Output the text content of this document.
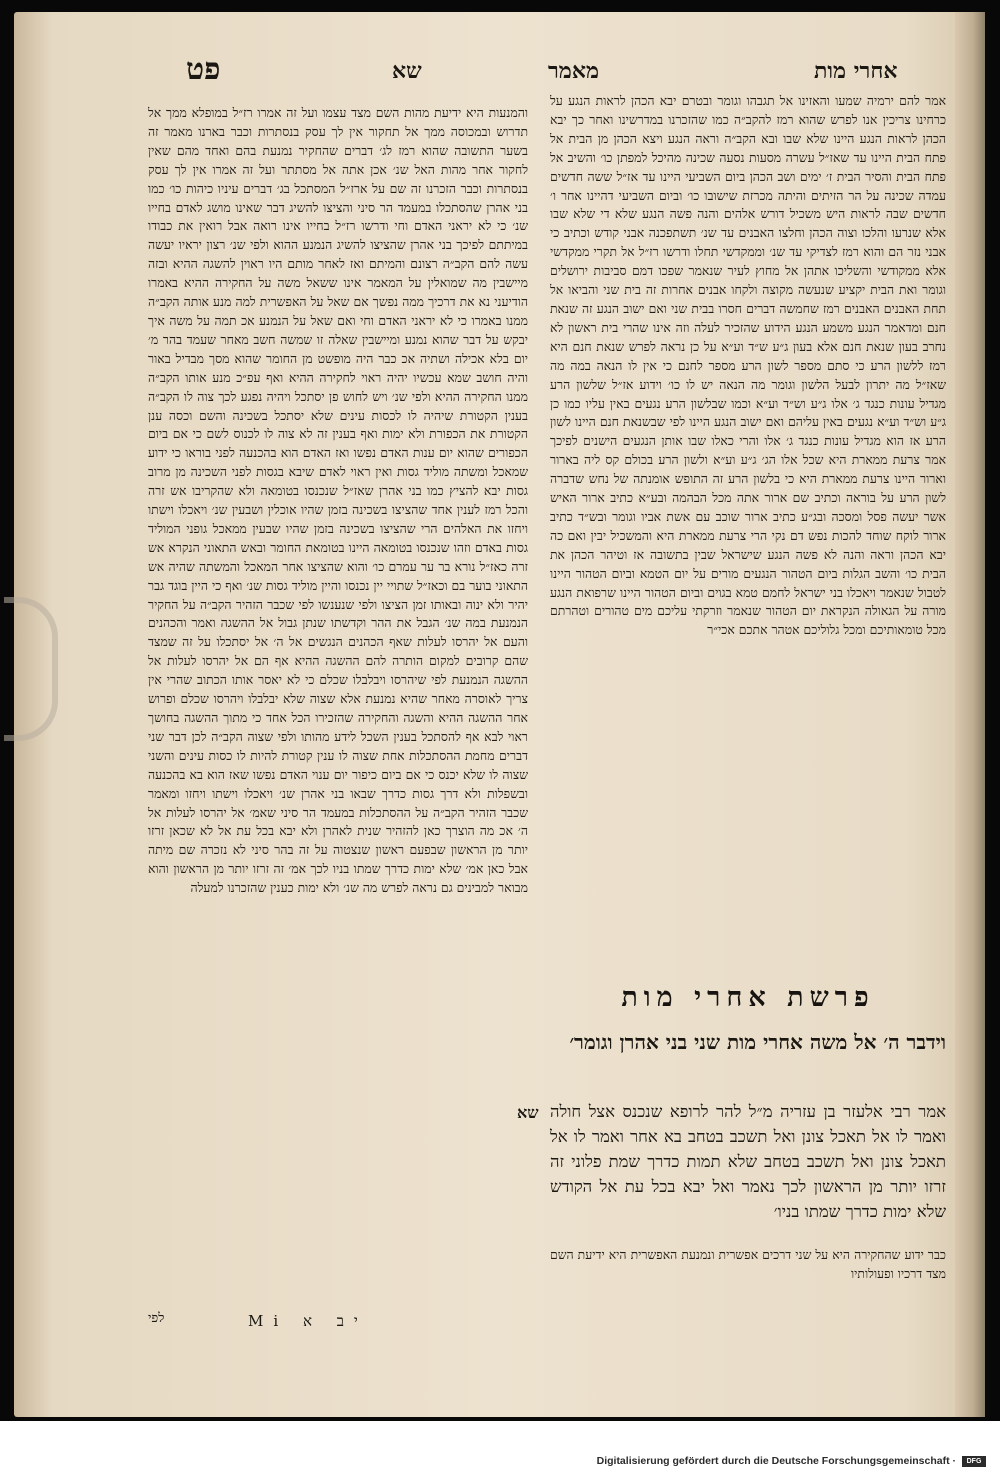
פט	שא	מאמר	אחרי מות

והמנעות היא ידיעת מהות השם מצד עצמו ועל זה אמרו רז״ל במופלא ממך אל תדרוש ובמכוסה ממך אל תחקור אין לך עסק בנסתרות וכבר בארנו מאמר זה בשער התשובה שהוא רמז לג׳ דברים שהחקיר נמנעת בהם ואחד מהם שאין לחקור אחר מהות האל שנ׳ אכן אתה אל מסתתר ועל זה אמרו אין לך עסק בנסתרות וכבר הזכרנו זה שם על ארז״ל המסתכל בג׳ דברים עיניו כיהות כו׳ כמו בני אהרן שהסתכלו במעמד הר סיני והציצו להשיג דבר שאינו מושג לאדם בחייו שנ׳ כי לא יראני האדם וחי ודרשו רז״ל בחייו אינו רואה אבל רואין את כבודו במיתתם לפיכך בני אהרן שהציצו להשיג הנמנע ההוא ולפי שנ׳ רצון יראיו יעשה עשה להם הקב״ה רצונם והמיתם ואז לאחר מותם היו ראוין להשגה ההיא ובזה מיישבין מה שמואלין על המאמר אינו ששאל משה על החקירה ההיא באמרו הודיעני נא את דרכיך ממה נפשך אם שאל על האפשרית למה מנע אותה הקב״ה ממנו באמרו כי לא יראני האדם וחי ואם שאל על הנמנע אכ תמה על משה איך יבקש על דבר שהוא נמנע ומיישבין שאלה זו שמשה חשב מאחר שעמד בהר מ׳ יום בלא אכילה ושתיה אכ כבר היה מופשט מן החומר שהוא מסך מבדיל באור והיה חושב שמא עכשיו יהיה ראוי לחקירה ההיא ואף עפ״כ מנע אותו הקב״ה ממנו החקירה ההיא ולפי שנ׳ ויש לחוש פן יסתכל ויהיה נפגע לכך צוה לו הקב״ה בענין הקטורת שיהיה לו לכסות עינים שלא יסתכל בשכינה והשם וכסה ענן הקטורת את הכפורת ולא ימות ואף בענין זה לא צוה לו לכנוס לשם כי אם ביום הכפורים שהוא יום ענות האדם נפשו ואז האדם הוא בהכנעה לפני בוראו כי ידוע שמאכל ומשתה מוליד גסות ואין ראוי לאדם שיבא בגסות לפני השכינה מן מרוב גסות יבא להציץ כמו בני אהרן שאז״ל שנכנסו בטומאה ולא שהקריבו אש זרה והכל רמז לענין אחד שהציצו בשכינה בזמן שהיו אוכלין ושבעין שנ׳ ויאכלו וישתו ויחזו את האלהים הרי שהציצו בשכינה בזמן שהיו שבעין ממאכל גופני המוליד גסות באדם וזהו שנכנסו בטומאה היינו בטומאת החומר ובאש התאוני הנקרא אש זרה כאז״ל נורא בר ער עמרם כו׳ והוא שהציצו אחר המאכל והמשתה שהיה אש התאוני בוער בם וכאז״ל שתויי יין נכנסו והיין מוליד גסות שנ׳ ואף כי היין בוגד גבר יהיר ולא ינוה ובאותו זמן הציצו ולפי שנענשו לפי שכבר הזהיר הקב״ה על החקיר הנמנעת במה שנ׳ הגבל את ההר וקדשתו שנתן גבול אל ההשגה ואמר והכהנים והעם אל יהרסו לעלות שאף הכהנים הנגשים אל ה׳ אל יסתכלו על זה שמצד שהם קרובים למקום הותרה להם ההשגה ההיא אף הם אל יהרסו לעלות אל ההשגה הנמנעת לפי שיהרסו ויבלבלו שכלם כי לא יאסר אותו הכתוב שהרי אין צריך לאוסרה מאחר שהיא נמנעת אלא שצוה שלא יבלבלו ויהרסו שכלם ופרוש אחר ההשגה ההיא והשגה והחקירה שהזכירו הכל אחד כי מתוך ההשגה בחושך ראוי לבא אף להסתכל בענין השכל לידע מהותו ולפי שצוה הקב״ה לכן דבר שני דברים מחמת ההסתכלות אחת שצוה לו ענין קטורת להיות לו כסות עינים והשני שצוה לו שלא יכנס כי אם ביום כיפור יום ענוי האדם נפשו שאז הוא בא בהכנעה ובשפלות ולא דרך גסות כדרך שבאו בני אהרן שנ׳ ויאכלו וישתו ויחזו ומאמר שכבר הזהיר הקב״ה על ההסתכלות במעמד הר סיני שאמ׳ אל יהרסו לעלות אל ה׳ אכ מה הוצרך כאן להזהיר שנית לאהרן ולא יבא בכל עת אל לא שכאן זרזו יותר מן הראשון שבפעם ראשון שנצטוה על זה בהר סיני לא נזכרה שם מיתה אבל כאן אמ׳ שלא ימות כדרך שמתו בניו לכך אמ׳ זה זרזו יותר מן הראשון והוא מבואר למבינים גם נראה לפרש מה שנ׳ ולא ימות כענין שהזכרנו למעלה

אמר להם ירמיה שמעו והאזינו אל תגבהו וגומר ובטרם יבא הכהן לראות הנגע על כרחינו צריכין אנו לפרש שהוא רמז להקב״ה כמו שהזכרנו במדרשינו ואחר כך יבא הכהן לראות הנגע היינו שלא שבו ובא הקב״ה וראה הנגע ויצא הכהן מן הבית אל פתח הבית היינו עד שאז״ל עשרה מסעות נסעה שכינה מהיכל למפתן כו׳ והשיב אל פתח הבית והסיר הבית ז׳ ימים ושב הכהן ביום השביעי היינו עד אז״ל ששה חדשים עמדה שכינה על הר הזיתים והיתה מכרזת שישובו כו׳ וביום השביעי דהיינו אחר ו׳ חדשים שבה לראות היש משכיל דורש אלהים והנה פשה הנגע שלא די שלא שבו אלא שנרעו והלכו וצוה הכהן וחלצו האבנים עד שנ׳ תשתפכנה אבני קודש וכתיב כי אבני נזר הם והוא רמז לצדיקי עד שנ׳ וממקדשי תחלו ודרשו רז״ל אל תקרי ממקדשי אלא ממקודשי והשליכו אתהן אל מחוץ לעיר שנאמר שפכו דמם סביבות ירושלים וגומר ואת הבית יקציע שנעשה מקוצה ולקחו אבנים אחרות זה בית שני והביאו אל תחת האבנים האבנים רמז שחמשה דברים חסרו בבית שני ואם ישוב הנגע זה שנאת חנם ומדאמר הנגע משמע הנגע הידוע שהזכיר לעלה וזה אינו שהרי בית ראשון לא נחרב בעון שנאת חנם אלא בעון ג״ע ש״ד וע״א על כן נראה לפרש שנאת חנם היא רמז ללשון הרע כי סתם מספר לשון הרע מספר לחנם כי אין לו הנאה במה מה שאז״ל מה יתרון לבעל הלשון וגומר מה הנאה יש לו כו׳ וידוע אז״ל שלשון הרע מגדיל עונות כנגד ג׳ אלו ג״ע וש״ד וע״א וכמו שבלשון הרע נגעים באין עליו כמו כן ג״ע וש״ד וע״א נגעים באין עליהם ואם ישוב הנגע היינו לפי שבשנאת חנם היינו לשון הרע אז הוא מגדיל עונות כנגד ג׳ אלו והרי כאלו שבו אותן הנגעים הישנים לפיכך אמר צרעת ממארת היא שכל אלו הג׳ ג״ע וע״א ולשון הרע בכולם קס ליה בארור וארור היינו צרעת ממארת היא כי בלשון הרע זה התופש אומנתה של נחש שדברה לשון הרע על בוראה וכתיב שם ארור אתה מכל הבהמה ובע״א כתיב ארור האיש אשר יעשה פסל ומסכה ובג״ע כתיב ארור שוכב עם אשת אביו וגומר ובש״ד כתיב ארור לוקח שוחד להכות נפש דם נקי הרי צרעת ממארת היא והמשכיל יבין ואם כה יבא הכהן וראה והנה לא פשה הנגע שישראל שבין בתשובה אז וטיהר הכהן את הבית כו׳ והשב הגלות ביום הטהור הנגעים מורים על יום הטמא וביום הטהור היינו לטבול שנאמר ויאכלו בני ישראל לחמם טמא בגוים וביום הטהור היינו שרפואת הנגע מורה על הגאולה הנקראת יום הטהור שנאמר וזרקתי עליכם מים טהורים וטהרתם מכל טומאותיכם ומכל גלוליכם אטהר אתכם אכי״ר

פרשת אחרי מות
וידבר ה׳ אל משה אחרי מות שני בני אהרן וגומר׳
אמר רבי אלעזר בן עזריה מ״ל להר לרופא שנכנס אצל חולה ואמר לו אל תאכל צונן ואל תשכב בטחב בא אחר ואמר לו אל תאכל צונן ואל תשכב בטחב שלא תמות כדרך שמת פלוני זה זרזו יותר מן הראשון לכך נאמר ואל יבא בכל עת אל הקודש שלא ימות כדרך שמתו בניו׳
כבר ידוע שהחקירה היא על שני דרכים אפשרית ונמנעת האפשרית היא ידיעת השם מצד דרכיו ופעולותיו
שא
לפי	Mi יב א
Digitalisierung gefördert durch die Deutsche Forschungsgemeinschaft ·	DFG
